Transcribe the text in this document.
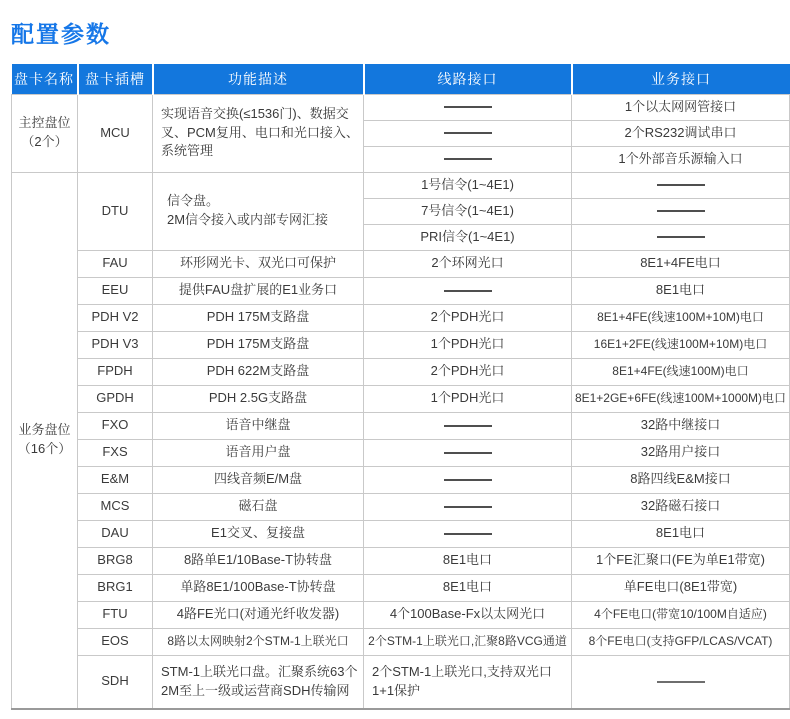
配置参数
盘卡名称	盘卡插槽	功能描述	线路接口	业务接口

主控盘位
（2个）	MCU	实现语音交换(≤1536门)、数据交叉、PCM复用、电口和光口接入、系统管理		1个以太网网管接口
				2个RS232调试串口
				1个外部音乐源输入口

业务盘位
（16个）	DTU	信令盘。
2M信令接入或内部专网汇接	1号信令(1~4E1)	
			7号信令(1~4E1)	
			PRI信令(1~4E1)	
	FAU	环形网光卡、双光口可保护	2个环网光口	8E1+4FE电口
	EEU	提供FAU盘扩展的E1业务口		8E1电口
	PDH V2	PDH 175M支路盘	2个PDH光口	8E1+4FE(线速100M+10M)电口
	PDH V3	PDH 175M支路盘	1个PDH光口	16E1+2FE(线速100M+10M)电口
	FPDH	PDH 622M支路盘	2个PDH光口	8E1+4FE(线速100M)电口
	GPDH	PDH 2.5G支路盘	1个PDH光口	8E1+2GE+6FE(线速100M+1000M)电口
	FXO	语音中继盘		32路中继接口
	FXS	语音用户盘		32路用户接口
	E&M	四线音频E/M盘		8路四线E&M接口
	MCS	磁石盘		32路磁石接口
	DAU	E1交叉、复接盘		8E1电口
	BRG8	8路单E1/10Base-T协转盘	8E1电口	1个FE汇聚口(FE为单E1带宽)
	BRG1	单路8E1/100Base-T协转盘	8E1电口	单FE电口(8E1带宽)
	FTU	4路FE光口(对通光纤收发器)	4个100Base-Fx以太网光口	4个FE电口(带宽10/100M自适应)
	EOS	8路以太网映射2个STM-1上联光口	2个STM-1上联光口,汇聚8路VCG通道	8个FE电口(支持GFP/LCAS/VCAT)
	SDH	STM-1上联光口盘。汇聚系统63个2M至上一级或运营商SDH传输网	2个STM-1上联光口,支持双光口1+1保护	
